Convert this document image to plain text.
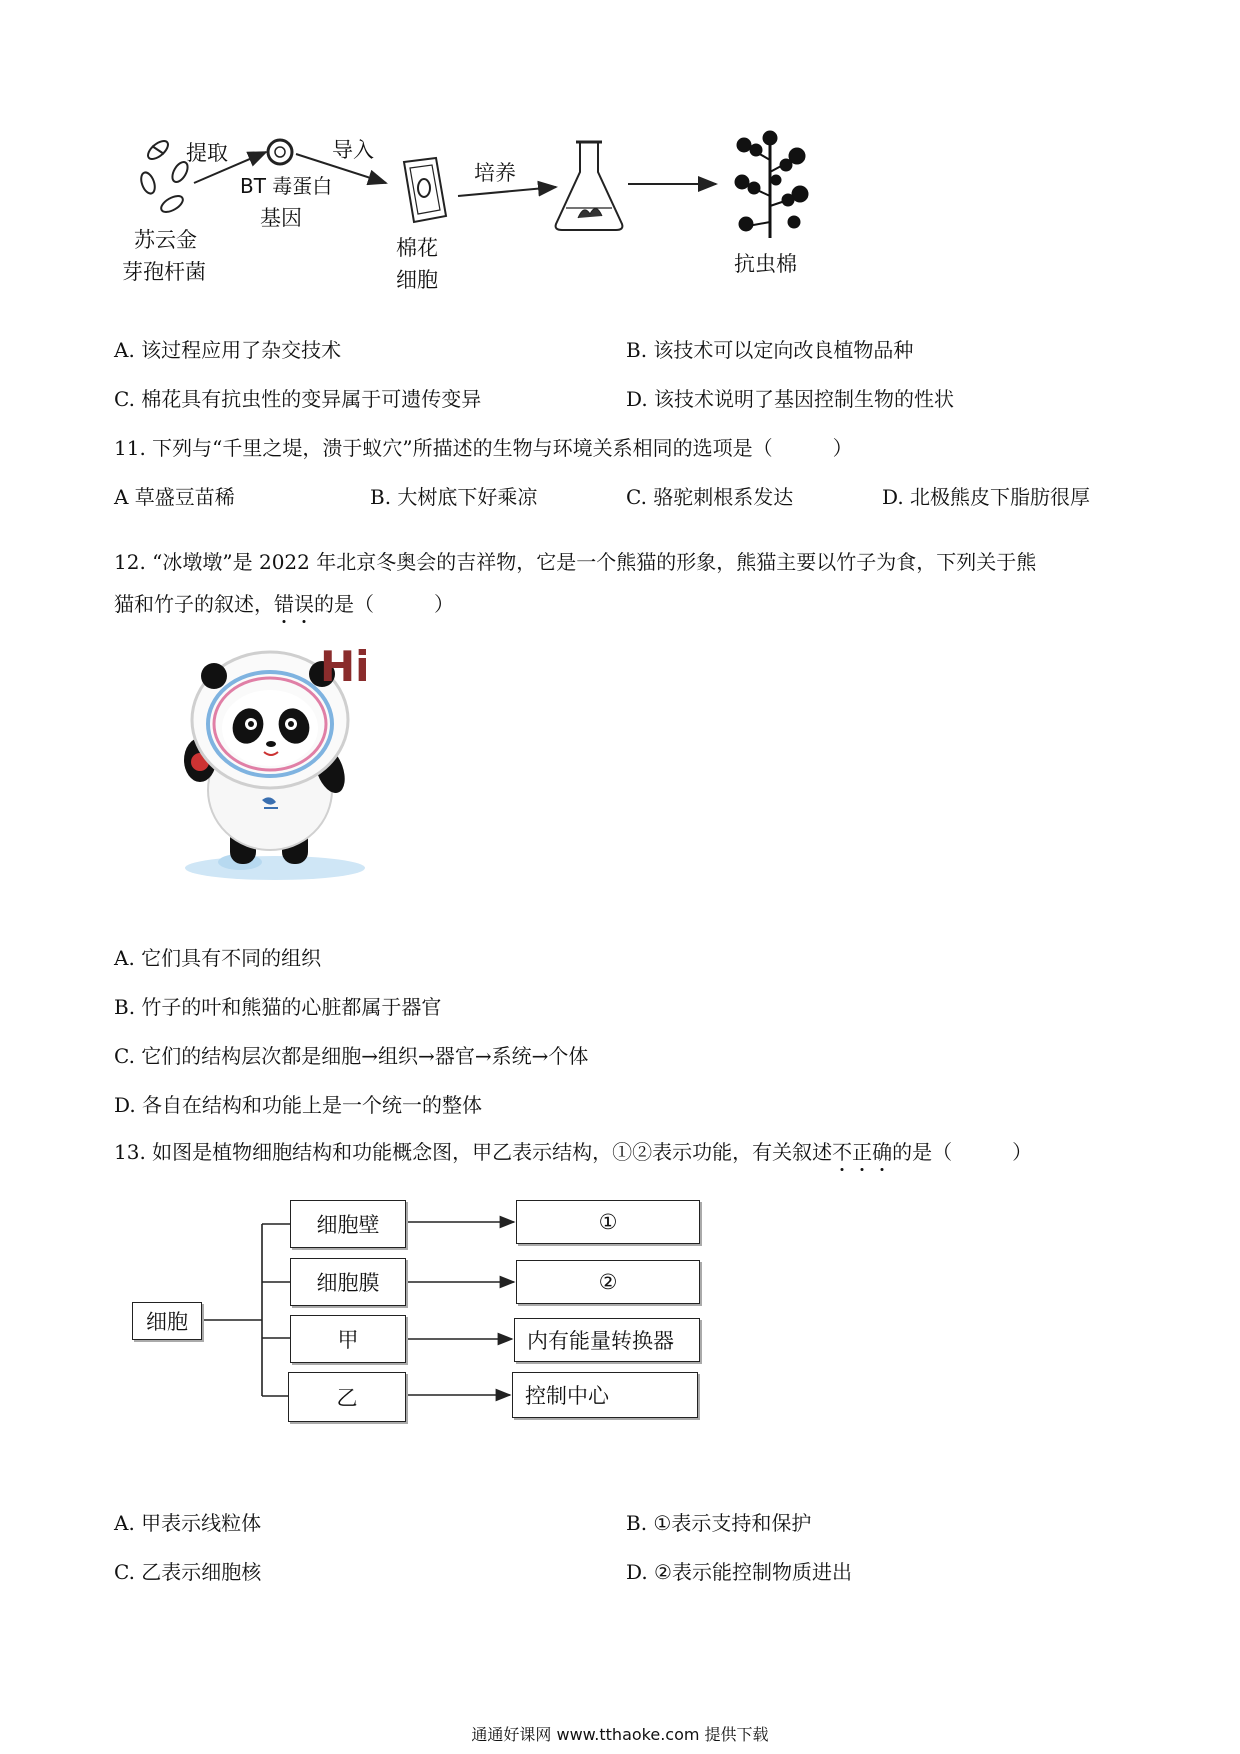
提取
BT 毒蛋白
基因
导入
培养
苏云金
芽孢杆菌
棉花
细胞
抗虫棉
A. 该过程应用了杂交技术	B. 该技术可以定向改良植物品种
C. 棉花具有抗虫性的变异属于可遗传变异	D. 该技术说明了基因控制生物的性状
11. 下列与“千里之堤，溃于蚁穴”所描述的生物与环境关系相同的选项是（　　　）
A 草盛豆苗稀	B. 大树底下好乘凉	C. 骆驼刺根系发达	D. 北极熊皮下脂肪很厚
12. “冰墩墩”是 2022 年北京冬奥会的吉祥物，它是一个熊猫的形象，熊猫主要以竹子为食，下列关于熊
猫和竹子的叙述，错误的是（　　　）
Hi
A. 它们具有不同的组织
B. 竹子的叶和熊猫的心脏都属于器官
C. 它们的结构层次都是细胞→组织→器官→系统→个体
D. 各自在结构和功能上是一个统一的整体
13. 如图是植物细胞结构和功能概念图，甲乙表示结构，①②表示功能，有关叙述不正确的是（　　　）
细胞
细胞壁
细胞膜
甲
乙
①
②
内有能量转换器
控制中心
A. 甲表示线粒体	B. ①表示支持和保护
C. 乙表示细胞核	D. ②表示能控制物质进出
通通好课网 www.tthaoke.com 提供下载
